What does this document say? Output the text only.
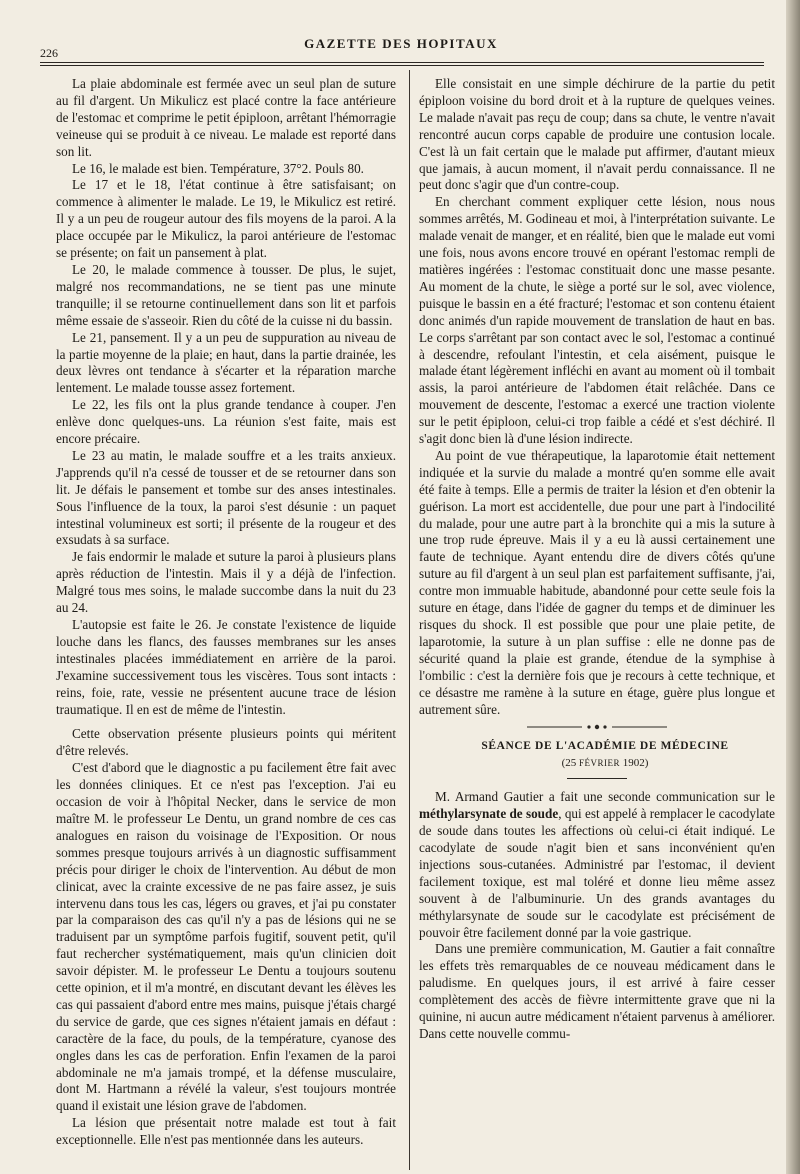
226
GAZETTE DES HOPITAUX

La plaie abdominale est fermée avec un seul plan de suture au fil d'argent. Un Mikulicz est placé contre la face antérieure de l'estomac et comprime le petit épiploon, arrêtant l'hémorragie veineuse qui se produit à ce niveau. Le malade est reporté dans son lit.

Le 16, le malade est bien. Température, 37°2. Pouls 80.

Le 17 et le 18, l'état continue à être satisfaisant; on commence à alimenter le malade. Le 19, le Mikulicz est retiré. Il y a un peu de rougeur autour des fils moyens de la paroi. A la place occupée par le Mikulicz, la paroi antérieure de l'estomac se présente; on fait un pansement à plat.

Le 20, le malade commence à tousser. De plus, le sujet, malgré nos recommandations, ne se tient pas une minute tranquille; il se retourne continuellement dans son lit et parfois même essaie de s'asseoir. Rien du côté de la cuisse ni du bassin.

Le 21, pansement. Il y a un peu de suppuration au niveau de la partie moyenne de la plaie; en haut, dans la partie drainée, les deux lèvres ont tendance à s'écarter et la réparation marche lentement. Le malade tousse assez fortement.

Le 22, les fils ont la plus grande tendance à couper. J'en enlève donc quelques-uns. La réunion s'est faite, mais est encore précaire.

Le 23 au matin, le malade souffre et a les traits anxieux. J'apprends qu'il n'a cessé de tousser et de se retourner dans son lit. Je défais le pansement et tombe sur des anses intestinales. Sous l'influence de la toux, la paroi s'est désunie : un paquet intestinal volumineux est sorti; il présente de la rougeur et des exsudats à sa surface.

Je fais endormir le malade et suture la paroi à plusieurs plans après réduction de l'intestin. Mais il y a déjà de l'infection. Malgré tous mes soins, le malade succombe dans la nuit du 23 au 24.

L'autopsie est faite le 26. Je constate l'existence de liquide louche dans les flancs, des fausses membranes sur les anses intestinales placées immédiatement en arrière de la paroi. J'examine successivement tous les viscères. Tous sont intacts : reins, foie, rate, vessie ne présentent aucune trace de lésion traumatique. Il en est de même de l'intestin.

Cette observation présente plusieurs points qui méritent d'être relevés.

C'est d'abord que le diagnostic a pu facilement être fait avec les données cliniques. Et ce n'est pas l'exception. J'ai eu occasion de voir à l'hôpital Necker, dans le service de mon maître M. le professeur Le Dentu, un grand nombre de ces cas analogues en raison du voisinage de l'Exposition. Or nous sommes presque toujours arrivés à un diagnostic suffisamment précis pour diriger le choix de l'intervention. Au début de mon clinicat, avec la crainte excessive de ne pas faire assez, je suis intervenu dans tous les cas, légers ou graves, et j'ai pu constater par la comparaison des cas qu'il n'y a pas de lésions qui ne se traduisent par un symptôme parfois fugitif, souvent petit, qu'il faut rechercher systématiquement, mais qu'un clinicien doit savoir dépister. M. le professeur Le Dentu a toujours soutenu cette opinion, et il m'a montré, en discutant devant les élèves les cas qui passaient d'abord entre mes mains, puisque j'étais chargé du service de garde, que ces signes n'étaient jamais en défaut : caractère de la face, du pouls, de la température, cyanose des ongles dans les cas de perforation. Enfin l'examen de la paroi abdominale ne m'a jamais trompé, et la défense musculaire, dont M. Hartmann a révélé la valeur, s'est toujours montrée quand il existait une lésion grave de l'abdomen.

La lésion que présentait notre malade est tout à fait exceptionnelle. Elle n'est pas mentionnée dans les auteurs.

Elle consistait en une simple déchirure de la partie du petit épiploon voisine du bord droit et à la rupture de quelques veines. Le malade n'avait pas reçu de coup; dans sa chute, le ventre n'avait rencontré aucun corps capable de produire une contusion locale. C'est là un fait certain que le malade put affirmer, d'autant mieux que jamais, à aucun moment, il n'avait perdu connaissance. Il ne peut donc s'agir que d'un contre-coup.

En cherchant comment expliquer cette lésion, nous nous sommes arrêtés, M. Godineau et moi, à l'interprétation suivante. Le malade venait de manger, et en réalité, bien que le malade eut vomi une fois, nous avons encore trouvé en opérant l'estomac rempli de matières ingérées : l'estomac constituait donc une masse pesante. Au moment de la chute, le siège a porté sur le sol, avec violence, puisque le bassin en a été fracturé; l'estomac et son contenu étaient donc animés d'un rapide mouvement de translation de haut en bas. Le corps s'arrêtant par son contact avec le sol, l'estomac a continué à descendre, refoulant l'intestin, et cela aisément, puisque le malade étant légèrement infléchi en avant au moment où il tombait assis, la paroi antérieure de l'abdomen était relâchée. Dans ce mouvement de descente, l'estomac a exercé une traction violente sur le petit épiploon, celui-ci trop faible a cédé et s'est déchiré. Il s'agit donc bien là d'une lésion indirecte.

Au point de vue thérapeutique, la laparotomie était nettement indiquée et la survie du malade a montré qu'en somme elle avait été faite à temps. Elle a permis de traiter la lésion et d'en obtenir la guérison. La mort est accidentelle, due pour une part à l'indocilité du malade, pour une autre part à la bronchite qui a mis la suture à une trop rude épreuve. Mais il y a eu là aussi certainement une faute de technique. Ayant entendu dire de divers côtés qu'une suture au fil d'argent à un seul plan est parfaitement suffisante, j'ai, contre mon immuable habitude, abandonné pour cette seule fois la suture en étage, dans l'idée de gagner du temps et de diminuer les risques du shock. Il est possible que pour une plaie petite, de laparotomie, la suture à un plan suffise : elle ne donne pas de sécurité quand la plaie est grande, étendue de la symphise à l'ombilic : c'est la dernière fois que je recours à cette technique, et ce désastre me ramène à la suture en étage, guère plus longue et autrement sûre.

SÉANCE DE L'ACADÉMIE DE MÉDECINE

(25 FÉVRIER 1902)

M. Armand Gautier a fait une seconde communication sur le méthylarsynate de soude, qui est appelé à remplacer le cacodylate de soude dans toutes les affections où celui-ci était indiqué. Le cacodylate de soude n'agit bien et sans inconvénient qu'en injections sous-cutanées. Administré par l'estomac, il devient facilement toxique, est mal toléré et donne lieu même assez souvent à de l'albuminurie. Un des grands avantages du méthylarsynate de soude sur le cacodylate est précisément de pouvoir être facilement donné par la voie gastrique.

Dans une première communication, M. Gautier a fait connaître les effets très remarquables de ce nouveau médicament dans le paludisme. En quelques jours, il est arrivé à faire cesser complètement des accès de fièvre intermittente grave que ni la quinine, ni aucun autre médicament n'étaient parvenus à améliorer. Dans cette nouvelle commu-
